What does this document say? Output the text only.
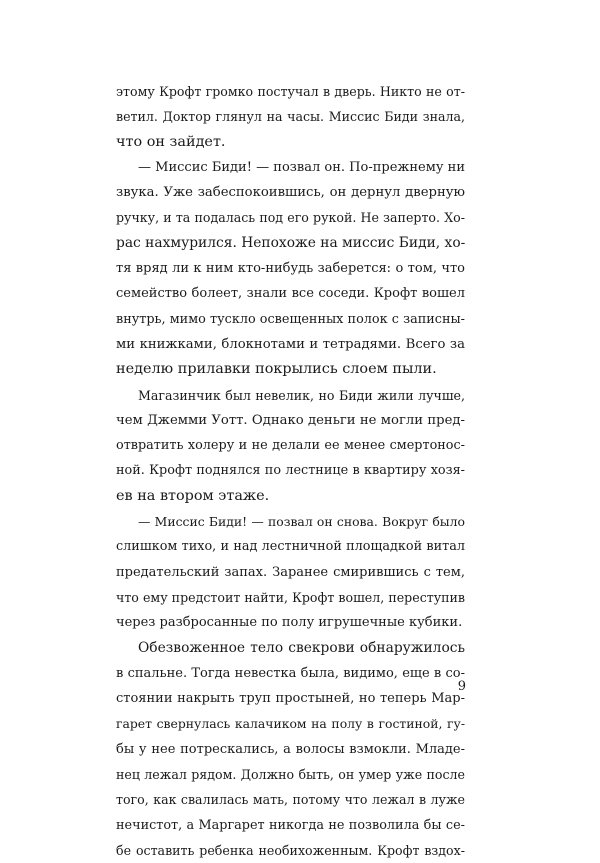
этому Крофт громко постучал в дверь. Никто не от-
ветил. Доктор глянул на часы. Миссис Биди знала,
что он зайдет.
— Миссис Биди! — позвал он. По-прежнему ни
звука. Уже забеспокоившись, он дернул дверную
ручку, и та подалась под его рукой. Не заперто. Хо-
рас нахмурился. Непохоже на миссис Биди, хо-
тя вряд ли к ним кто-нибудь заберется: о том, что
семейство болеет, знали все соседи. Крофт вошел
внутрь, мимо тускло освещенных полок с записны-
ми книжками, блокнотами и тетрадями. Всего за
неделю прилавки покрылись слоем пыли.
Магазинчик был невелик, но Биди жили лучше,
чем Джемми Уотт. Однако деньги не могли пред-
отвратить холеру и не делали ее менее смертонос-
ной. Крофт поднялся по лестнице в квартиру хозя-
ев на втором этаже.
— Миссис Биди! — позвал он снова. Вокруг было
слишком тихо, и над лестничной площадкой витал
предательский запах. Заранее смирившись с тем,
что ему предстоит найти, Крофт вошел, переступив
через разбросанные по полу игрушечные кубики.
Обезвоженное тело свекрови обнаружилось
в спальне. Тогда невестка была, видимо, еще в со-
стоянии накрыть труп простыней, но теперь Мар-
гарет свернулась калачиком на полу в гостиной, гу-
бы у нее потрескались, а волосы взмокли. Младе-
нец лежал рядом. Должно быть, он умер уже после
того, как свалилась мать, потому что лежал в луже
нечистот, а Маргарет никогда не позволила бы се-
бе оставить ребенка необихоженным. Крофт вздох-
9
